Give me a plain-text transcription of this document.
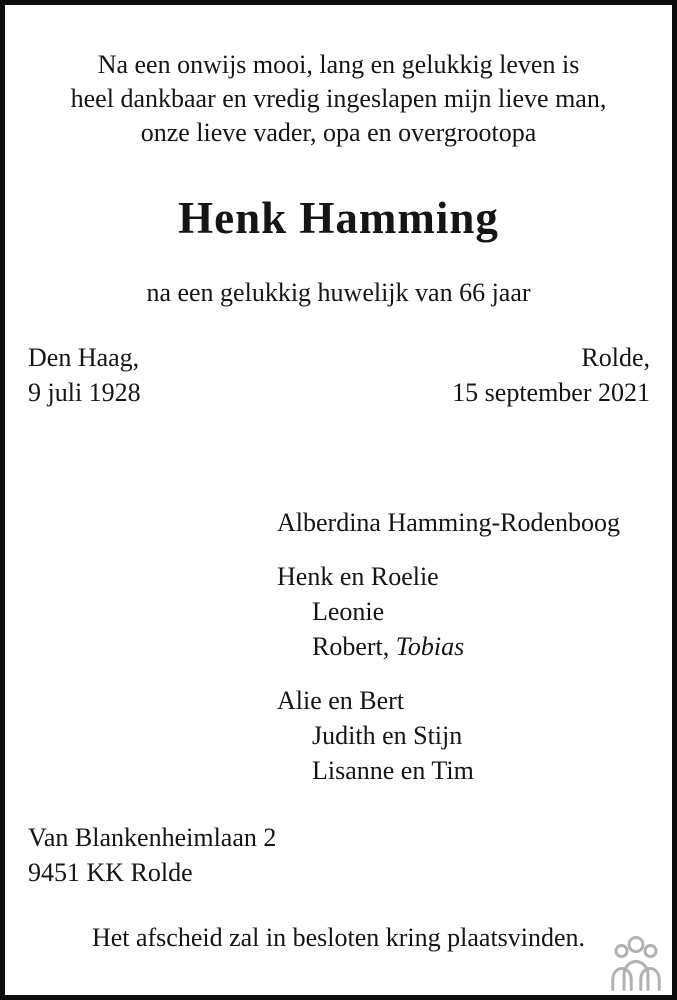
Na een onwijs mooi, lang en gelukkig leven is
heel dankbaar en vredig ingeslapen mijn lieve man,
onze lieve vader, opa en overgrootopa
Henk Hamming
na een gelukkig huwelijk van 66 jaar
Den Haag,
9 juli 1928
Rolde,
15 september 2021
Alberdina Hamming-Rodenboog
Henk en Roelie
Leonie
Robert, Tobias
Alie en Bert
Judith en Stijn
Lisanne en Tim
Van Blankenheimlaan 2
9451 KK Rolde
Het afscheid zal in besloten kring plaatsvinden.
